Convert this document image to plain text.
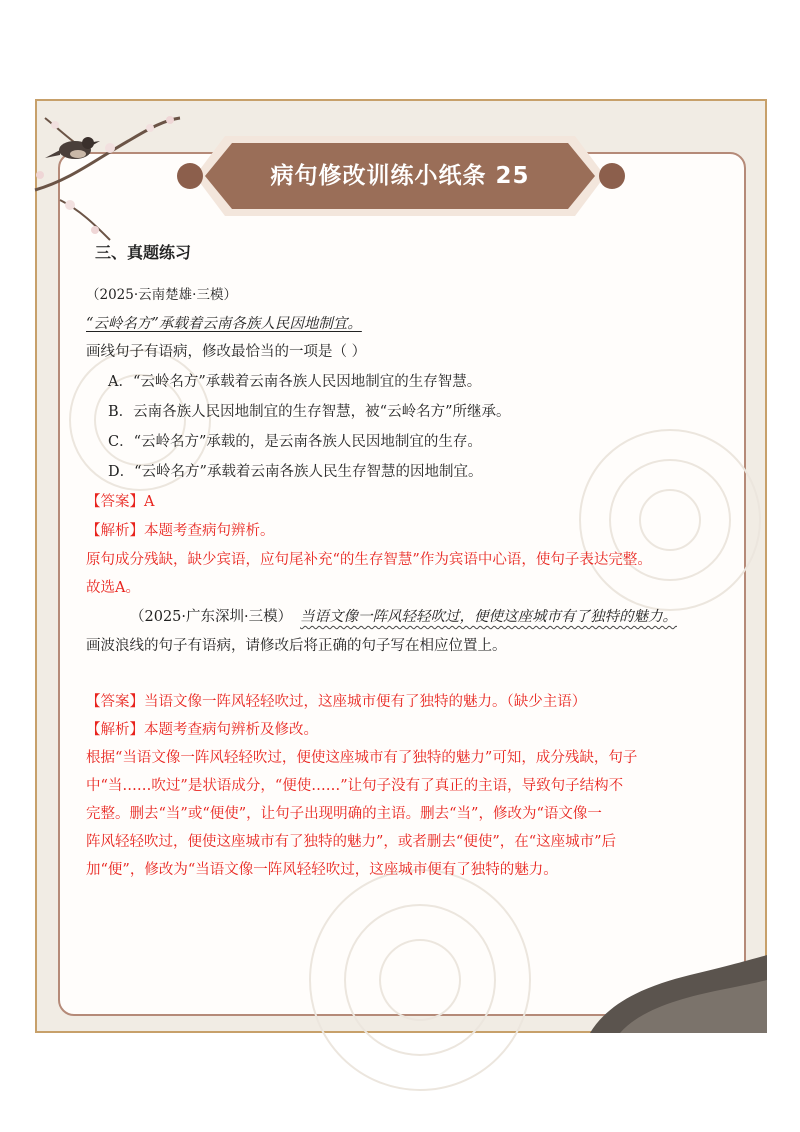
病句修改训练小纸条 25
三、真题练习
（2025·云南楚雄·三模）
“云岭名方”承载着云南各族人民因地制宜。
画线句子有语病，修改最恰当的一项是（ ）
A．“云岭名方”承载着云南各族人民因地制宜的生存智慧。
B．云南各族人民因地制宜的生存智慧，被“云岭名方”所继承。
C．“云岭名方”承载的，是云南各族人民因地制宜的生存。
D．“云岭名方”承载着云南各族人民生存智慧的因地制宜。
【答案】A
【解析】本题考查病句辨析。
原句成分残缺，缺少宾语，应句尾补充“的生存智慧”作为宾语中心语，使句子表达完整。
故选A。
（2025·广东深圳·三模） 当语文像一阵风轻轻吹过，便使这座城市有了独特的魅力。
画波浪线的句子有语病，请修改后将正确的句子写在相应位置上。
【答案】当语文像一阵风轻轻吹过，这座城市便有了独特的魅力。（缺少主语）
【解析】本题考查病句辨析及修改。
根据“当语文像一阵风轻轻吹过，便使这座城市有了独特的魅力”可知，成分残缺，句子
中“当……吹过”是状语成分，“便使……”让句子没有了真正的主语，导致句子结构不
完整。删去“当”或“便使”，让句子出现明确的主语。删去“当”，修改为“语文像一
阵风轻轻吹过，便使这座城市有了独特的魅力”，或者删去“便使”，在“这座城市”后
加“便”，修改为“当语文像一阵风轻轻吹过，这座城市便有了独特的魅力。
